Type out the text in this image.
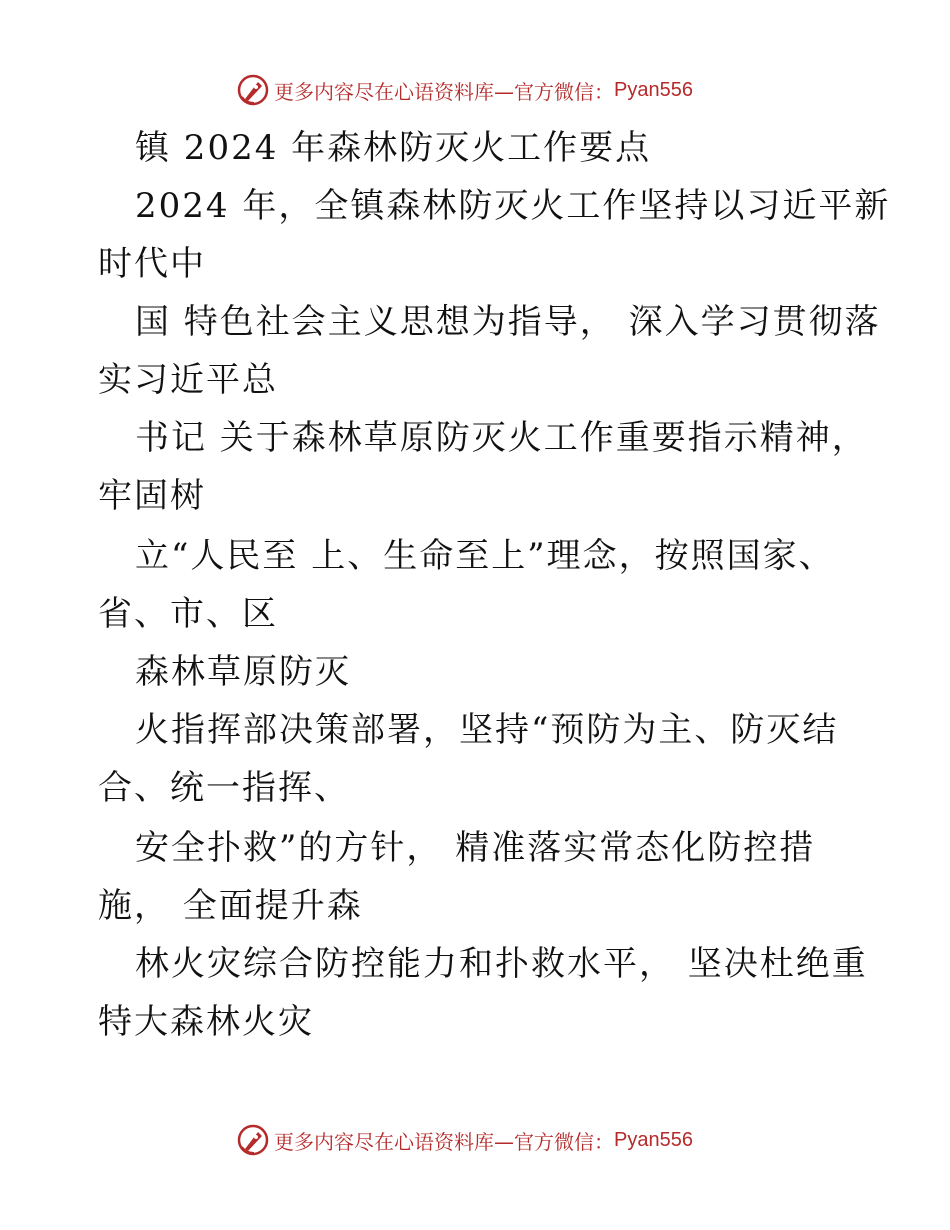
更多内容尽在心语资料库—官方微信： Pyan556
镇 2024 年森林防灭火工作要点
2024 年，全镇森林防灭火工作坚持以习近平新
时代中
国 特色社会主义思想为指导， 深入学习贯彻落
实习近平总
书记 关于森林草原防灭火工作重要指示精神，
牢固树
立“人民至 上、生命至上”理念，按照国家、
省、市、区
森林草原防灭
火指挥部决策部署，坚持“预防为主、防灭结
合、统一指挥、
安全扑救”的方针， 精准落实常态化防控措
施， 全面提升森
林火灾综合防控能力和扑救水平， 坚决杜绝重
特大森林火灾
更多内容尽在心语资料库—官方微信： Pyan556
